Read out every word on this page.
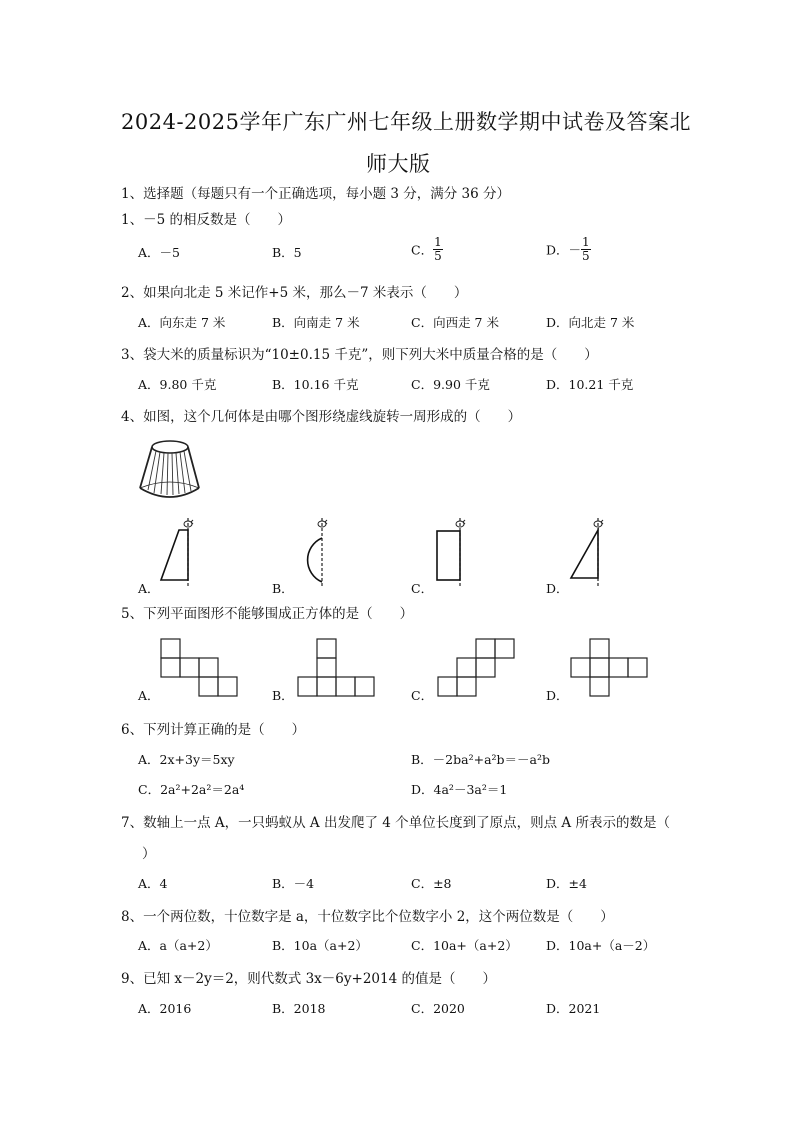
2024-2025学年广东广州七年级上册数学期中试卷及答案北
师大版
1、选择题（每题只有一个正确选项，每小题 3 分，满分 36 分）
1、－5 的相反数是（　　）
A．－5	B．5	C． $\frac{1}{5}$	D．－ $\frac{1}{5}$
2、如果向北走 5 米记作+5 米，那么－7 米表示（　　）
A．向东走 7 米	B．向南走 7 米	C．向西走 7 米	D．向北走 7 米
3、袋大米的质量标识为“10±0.15 千克”，则下列大米中质量合格的是（　　）
A．9.80 千克	B．10.16 千克	C．9.90 千克	D．10.21 千克
4、如图，这个几何体是由哪个图形绕虚线旋转一周形成的（　　）
A．	B．	C．	D．
5、下列平面图形不能够围成正方体的是（　　）
A．	B．	C．	D．
6、下列计算正确的是（　　）
A．2x+3y＝5xy	B．－2ba²+a²b＝－a²b
C．2a²+2a²＝2a⁴	D．4a²－3a²＝1
7、数轴上一点 A，一只蚂蚁从 A 出发爬了 4 个单位长度到了原点，则点 A 所表示的数是（
）
A．4	B．－4	C．±8	D．±4
8、一个两位数，十位数字是 a，十位数字比个位数字小 2，这个两位数是（　　）
A．a（a+2）	B．10a（a+2）	C．10a+（a+2） D．10a+（a－2）
9、已知 x－2y＝2，则代数式 3x－6y+2014 的值是（　　）
A．2016	B．2018	C．2020	D．2021
